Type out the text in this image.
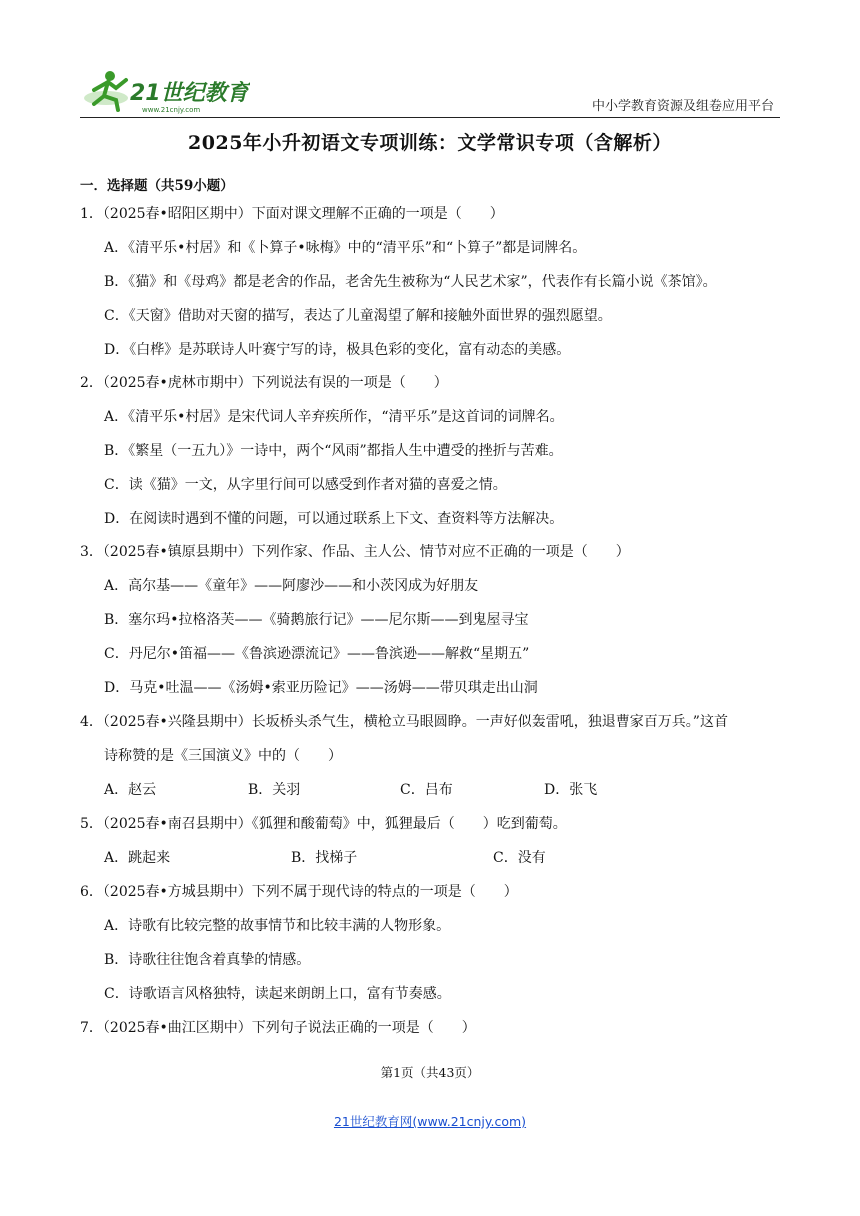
21世纪教育
www.21cnjy.com	中小学教育资源及组卷应用平台
2025年小升初语文专项训练：文学常识专项（含解析）
一．选择题（共59小题）
1．（2025春•昭阳区期中）下面对课文理解不正确的一项是（　　）
A．《清平乐•村居》和《卜算子•咏梅》中的“清平乐”和“卜算子”都是词牌名。
B．《猫》和《母鸡》都是老舍的作品，老舍先生被称为“人民艺术家”，代表作有长篇小说《茶馆》。
C．《天窗》借助对天窗的描写，表达了儿童渴望了解和接触外面世界的强烈愿望。
D．《白桦》是苏联诗人叶赛宁写的诗，极具色彩的变化，富有动态的美感。
2．（2025春•虎林市期中）下列说法有误的一项是（　　）
A．《清平乐•村居》是宋代词人辛弃疾所作，“清平乐”是这首词的词牌名。
B．《繁星（一五九）》一诗中，两个“风雨”都指人生中遭受的挫折与苦难。
C．读《猫》一文，从字里行间可以感受到作者对猫的喜爱之情。
D．在阅读时遇到不懂的问题，可以通过联系上下文、查资料等方法解决。
3．（2025春•镇原县期中）下列作家、作品、主人公、情节对应不正确的一项是（　　）
A．高尔基——《童年》——阿廖沙——和小茨冈成为好朋友
B．塞尔玛•拉格洛芙——《骑鹅旅行记》——尼尔斯——到鬼屋寻宝
C．丹尼尔•笛福——《鲁滨逊漂流记》——鲁滨逊——解救“星期五”
D．马克•吐温——《汤姆•索亚历险记》——汤姆——带贝琪走出山洞
4．（2025春•兴隆县期中）长坂桥头杀气生，横枪立马眼圆睁。一声好似轰雷吼，独退曹家百万兵。”这首
诗称赞的是《三国演义》中的（　　）
A．赵云	B．关羽	C．吕布	D．张飞
5．（2025春•南召县期中）《狐狸和酸葡萄》中，狐狸最后（　　）吃到葡萄。
A．跳起来	B．找梯子	C．没有
6．（2025春•方城县期中）下列不属于现代诗的特点的一项是（　　）
A．诗歌有比较完整的故事情节和比较丰满的人物形象。
B．诗歌往往饱含着真挚的情感。
C．诗歌语言风格独特，读起来朗朗上口，富有节奏感。
7．（2025春•曲江区期中）下列句子说法正确的一项是（　　）
第1页（共43页）
21世纪教育网(www.21cnjy.com)
